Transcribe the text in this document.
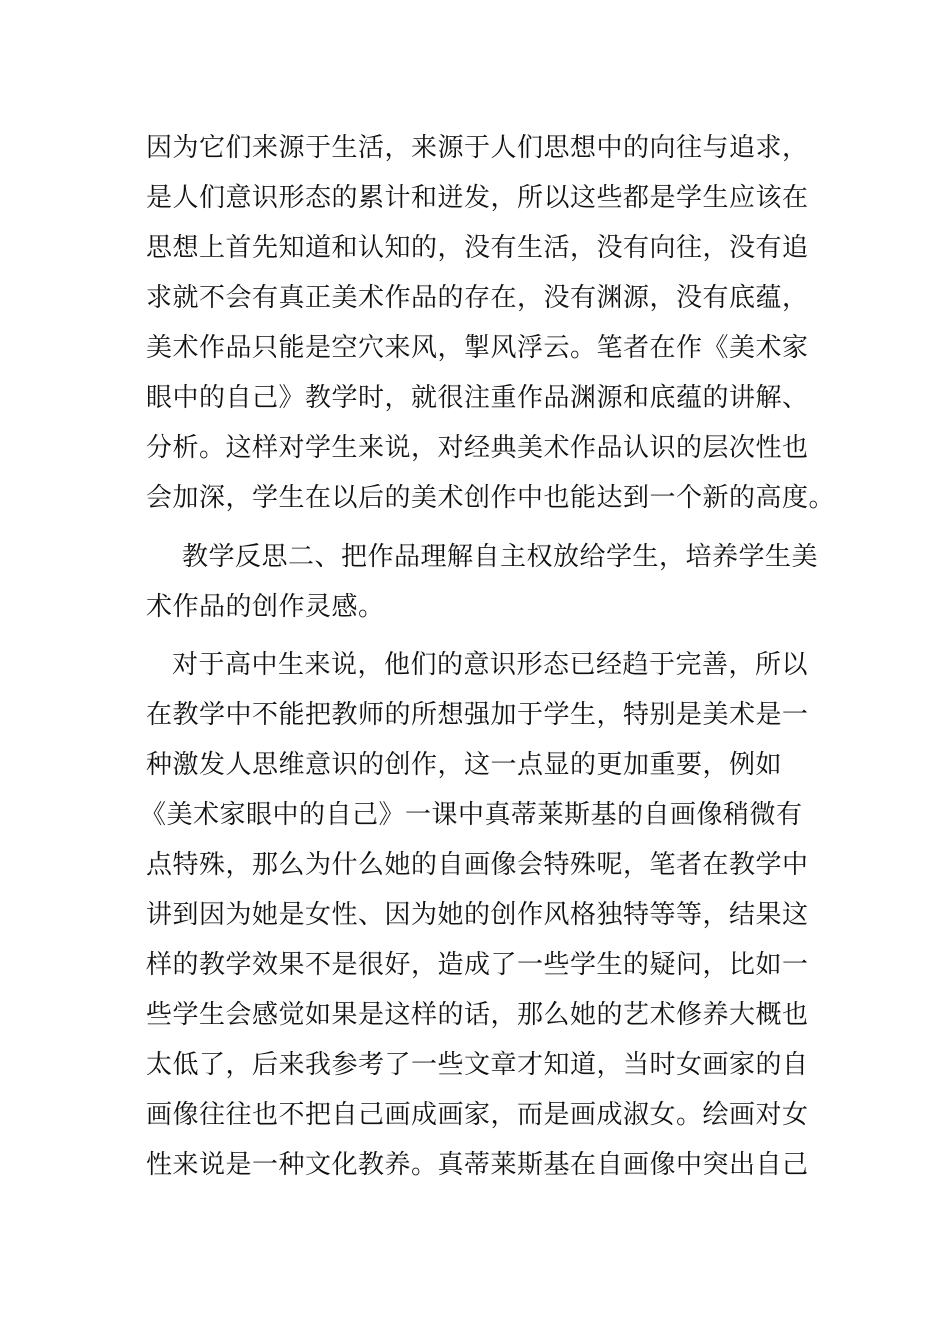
因为它们来源于生活，来源于人们思想中的向往与追求，
是人们意识形态的累计和迸发，所以这些都是学生应该在
思想上首先知道和认知的，没有生活，没有向往，没有追
求就不会有真正美术作品的存在，没有渊源，没有底蕴，
美术作品只能是空穴来风，掣风浮云。笔者在作《美术家
眼中的自己》教学时，就很注重作品渊源和底蕴的讲解、
分析。这样对学生来说，对经典美术作品认识的层次性也
会加深，学生在以后的美术创作中也能达到一个新的高度。
教学反思二、把作品理解自主权放给学生，培养学生美
术作品的创作灵感。
对于高中生来说，他们的意识形态已经趋于完善，所以
在教学中不能把教师的所想强加于学生，特别是美术是一
种激发人思维意识的创作，这一点显的更加重要，例如
《美术家眼中的自己》一课中真蒂莱斯基的自画像稍微有
点特殊，那么为什么她的自画像会特殊呢，笔者在教学中
讲到因为她是女性、因为她的创作风格独特等等，结果这
样的教学效果不是很好，造成了一些学生的疑问，比如一
些学生会感觉如果是这样的话，那么她的艺术修养大概也
太低了，后来我参考了一些文章才知道，当时女画家的自
画像往往也不把自己画成画家，而是画成淑女。绘画对女
性来说是一种文化教养。真蒂莱斯基在自画像中突出自己
